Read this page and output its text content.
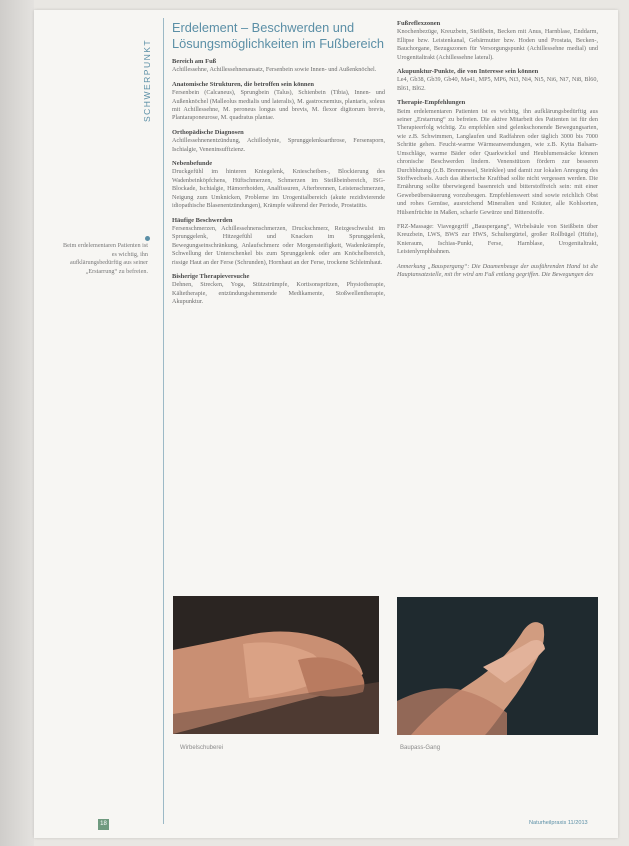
SCHWERPUNKT
Beim erdelementaren Patienten ist es wichtig, ihn aufklärungsbedürftig aus seiner „Erstarrung“ zu befreien.
Erdelement – Beschwerden und Lösungsmöglichkeiten im Fußbereich
Bereich am Fuß

Achillessehne, Achillessehnenansatz, Fersenbein sowie Innen- und Außenknöchel.

Anatomische Strukturen, die betroffen sein können

Fersenbein (Calcaneus), Sprungbein (Talus), Schienbein (Tibia), Innen- und Außenknöchel (Malleolus medialis und lateralis), M. gastrocnemius, plantaris, soleus mit Achillessehne, M. peroneus longus und brevis, M. flexor digitorum brevis, Plantaraponeurose, M. quadratus plantae.

Orthopädische Diagnosen

Achillessehnenentzündung, Achillodynie, Sprunggelenksarthrose, Fersensporn, Ischialgie, Veneninsuffizienz.

Nebenbefunde

Druckgefühl im hinteren Kniegelenk, Kniescheiben-, Blockierung des Wadenbeinköpfchens, Hüftschmerzen, Schmerzen im Steißbeinbereich, ISG-Blockade, Ischialgie, Hämorrhoiden, Analfissuren, Afterbrennen, Leistenschmerzen, Neigung zum Umknicken, Probleme im Urogenitalbereich (akute rezidivierende idiopathische Blasenentzündungen), Krämpfe während der Periode, Prostatitis.

Häufige Beschwerden

Fersenschmerzen, Achillessehnenschmerzen, Druckschmerz, Reizgeschwulst im Sprunggelenk, Hitzegefühl und Knacken im Sprunggelenk, Bewegungseinschränkung, Anlaufschmerz oder Morgensteifigkeit, Wadenkrämpfe, Schwellung der Unterschenkel bis zum Sprunggelenk oder am Knöchelbereich, rissige Haut an der Ferse (Schrunden), Hornhaut an der Ferse, trockene Schleimhaut.

Bisherige Therapieversuche

Dehnen, Strecken, Yoga, Stützstrümpfe, Kortisonspritzen, Physiotherapie, Kältetherapie, entzündungshemmende Medikamente, Stoßwellentherapie, Akupunktur.

Fußreflexzonen

Knochenbezüge, Kreuzbein, Steißbein, Becken mit Anus, Harnblase, Enddarm, Ellipse bzw. Leistenkanal, Gebärmutter bzw. Hoden und Prostata, Becken-, Bauchorgane, Bezugszonen für Versorgungspunkt (Achillessehne medial) und Urogenitaltrakt (Achillessehne lateral).

Akupunktur-Punkte, die von Interesse sein können

Le4, Gb38, Gb39, Gb40, Ma41, MP5, MP6, Ni3, Ni4, Ni5, Ni6, Ni7, Ni8, Bl60, Bl61, Bl62.

Therapie-Empfehlungen

Beim erdelementaren Patienten ist es wichtig, ihn aufklärungsbedürftig aus seiner „Erstarrung“ zu befreien. Die aktive Mitarbeit des Patienten ist für den Therapieerfolg wichtig. Zu empfehlen sind gelenkschonende Bewegungsarten, wie z.B. Schwimmen, Langlaufen und Radfahren oder täglich 3000 bis 7000 Schritte gehen. Feucht-warme Wärmeanwendungen, wie z.B. Kytta Balsam-Umschläge, warme Bäder oder Quarkwickel und Heublumensäcke können chronische Beschwerden lindern. Venenstützen fördern zur besseren Durchblutung (z.B. Brennnessel, Steinklee) und damit zur lokalen Anregung des Stoffwechsels. Auch das ätherische Kraftbad sollte nicht vergessen werden. Die Ernährung sollte überwiegend basenreich und bitterstoffreich sein: mit einer Gewebeübersäuerung vorzubeugen. Empfehlenswert sind sowie reichlich Obst und rohes Gemüse, ausreichend Mineralien und Kräuter, alle Kohlsorten, Hülsenfrüchte in Maßen, scharfe Gewürze und Bitterstoffe.

FRZ-Massage: Viavegegriff „Bauspergang“, Wirbelsäule von Steißbein über Kreuzbein, LWS, BWS zur HWS, Schultergürtel, großer Rollbügel (Hüfte), Knieraum, Ischias-Punkt, Ferse, Harnblase, Urogenitaltrakt, Leistenlymphbahnen.

Anmerkung „Bauspergang“: Die Daumenbeuge der ausführenden Hand ist die Hauptansatzstelle, mit ihr wird am Fuß entlang gegriffen. Die Bewegungen des

Wirbelschuberei	Baupass-Gang
18	Naturheilpraxis 11/2013
